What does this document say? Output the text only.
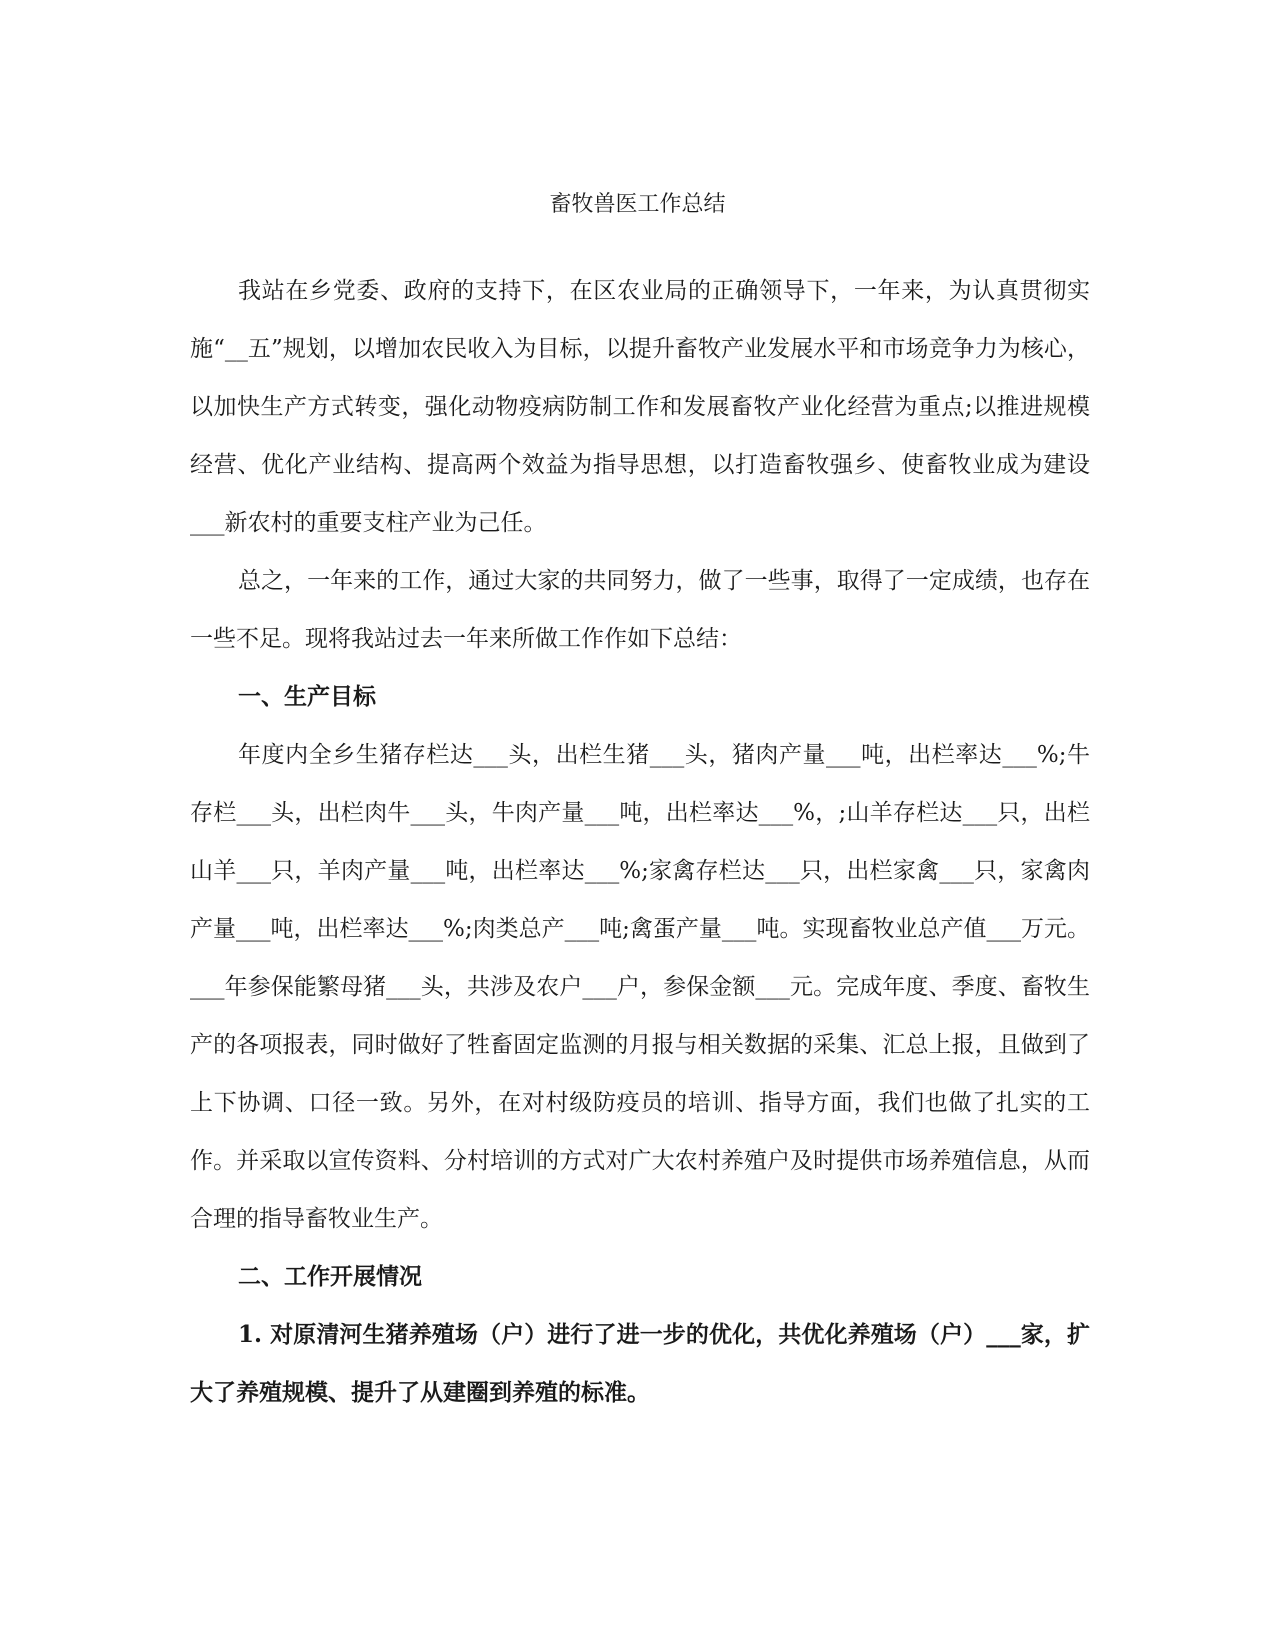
畜牧兽医工作总结

我站在乡党委、政府的支持下，在区农业局的正确领导下，一年来，为认真贯彻实施“__五”规划，以增加农民收入为目标，以提升畜牧产业发展水平和市场竞争力为核心，以加快生产方式转变，强化动物疫病防制工作和发展畜牧产业化经营为重点;以推进规模经营、优化产业结构、提高两个效益为指导思想，以打造畜牧强乡、使畜牧业成为建设___新农村的重要支柱产业为己任。

总之，一年来的工作，通过大家的共同努力，做了一些事，取得了一定成绩，也存在一些不足。现将我站过去一年来所做工作作如下总结：

一、生产目标

年度内全乡生猪存栏达___头，出栏生猪___头，猪肉产量___吨，出栏率达___%;牛存栏___头，出栏肉牛___头，牛肉产量___吨，出栏率达___%，;山羊存栏达___只，出栏山羊___只，羊肉产量___吨，出栏率达___%;家禽存栏达___只，出栏家禽___只，家禽肉产量___吨，出栏率达___%;肉类总产___吨;禽蛋产量___吨。实现畜牧业总产值___万元。___年参保能繁母猪___头，共涉及农户___户，参保金额___元。完成年度、季度、畜牧生产的各项报表，同时做好了牲畜固定监测的月报与相关数据的采集、汇总上报，且做到了上下协调、口径一致。另外，在对村级防疫员的培训、指导方面，我们也做了扎实的工作。并采取以宣传资料、分村培训的方式对广大农村养殖户及时提供市场养殖信息，从而合理的指导畜牧业生产。

二、工作开展情况

1. 对原清河生猪养殖场（户）进行了进一步的优化，共优化养殖场（户）___家，扩大了养殖规模、提升了从建圈到养殖的标准。
